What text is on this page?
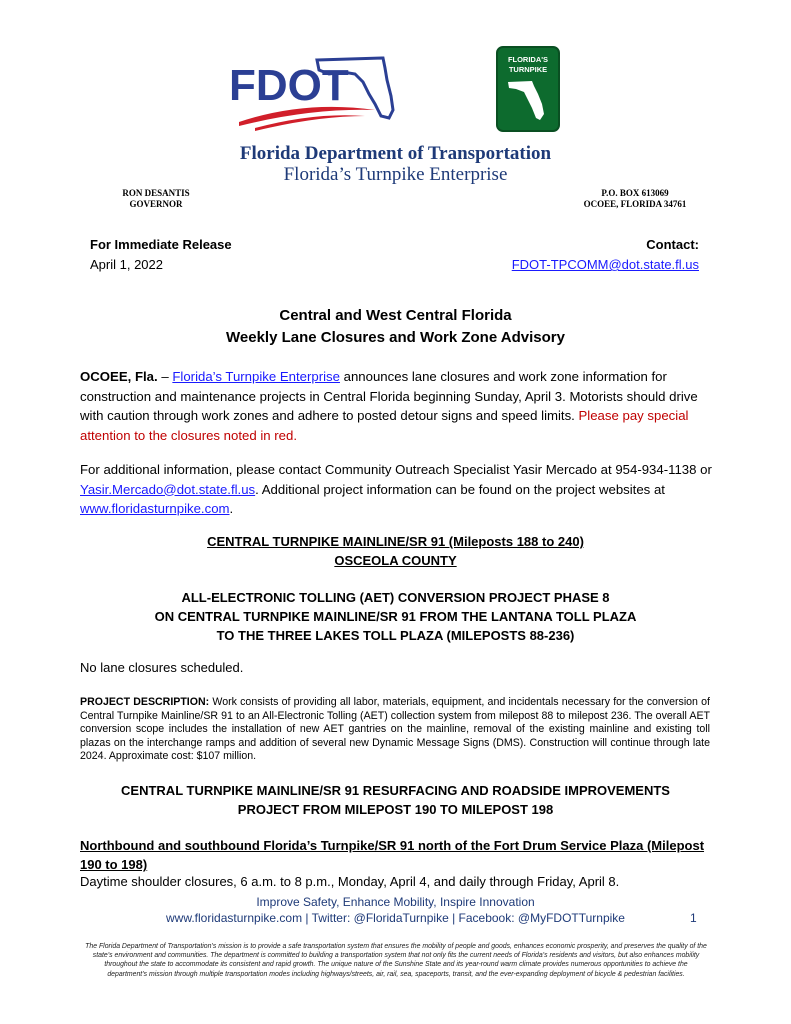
FDOT
FLORIDA'S
TURNPIKE
Florida Department of Transportation
Florida’s Turnpike Enterprise
RON DESANTIS
GOVERNOR
P.O. BOX 613069
OCOEE, FLORIDA 34761
For Immediate Release
April 1, 2022
Contact:
FDOT-TPCOMM@dot.state.fl.us
Central and West Central Florida
Weekly Lane Closures and Work Zone Advisory
OCOEE, Fla. – Florida’s Turnpike Enterprise announces lane closures and work zone information for construction and maintenance projects in Central Florida beginning Sunday, April 3. Motorists should drive with caution through work zones and adhere to posted detour signs and speed limits. Please pay special attention to the closures noted in red.
For additional information, please contact Community Outreach Specialist Yasir Mercado at 954-934-1138 or Yasir.Mercado@dot.state.fl.us. Additional project information can be found on the project websites at www.floridasturnpike.com.
CENTRAL TURNPIKE MAINLINE/SR 91 (Mileposts 188 to 240)
OSCEOLA COUNTY
ALL-ELECTRONIC TOLLING (AET) CONVERSION PROJECT PHASE 8
ON CENTRAL TURNPIKE MAINLINE/SR 91 FROM THE LANTANA TOLL PLAZA
TO THE THREE LAKES TOLL PLAZA (MILEPOSTS 88-236)
No lane closures scheduled.
PROJECT DESCRIPTION: Work consists of providing all labor, materials, equipment, and incidentals necessary for the conversion of Central Turnpike Mainline/SR 91 to an All-Electronic Tolling (AET) collection system from milepost 88 to milepost 236. The overall AET conversion scope includes the installation of new AET gantries on the mainline, removal of the existing mainline and existing toll plazas on the interchange ramps and addition of several new Dynamic Message Signs (DMS). Construction will continue through late 2024. Approximate cost: $107 million.
CENTRAL TURNPIKE MAINLINE/SR 91 RESURFACING AND ROADSIDE IMPROVEMENTS
PROJECT FROM MILEPOST 190 TO MILEPOST 198
Northbound and southbound Florida’s Turnpike/SR 91 north of the Fort Drum Service Plaza (Milepost 190 to 198)
Daytime shoulder closures, 6 a.m. to 8 p.m., Monday, April 4, and daily through Friday, April 8.
Improve Safety, Enhance Mobility, Inspire Innovation
www.floridasturnpike.com | Twitter: @FloridaTurnpike | Facebook: @MyFDOTTurnpike	1
The Florida Department of Transportation’s mission is to provide a safe transportation system that ensures the mobility of people and goods, enhances economic prosperity, and preserves the quality of the state’s environment and communities. The department is committed to building a transportation system that not only fits the current needs of Florida’s residents and visitors, but also enhances mobility throughout the state to accommodate its consistent and rapid growth. The unique nature of the Sunshine State and its year-round warm climate provides numerous opportunities to achieve the department’s mission through multiple transportation modes including highways/streets, air, rail, sea, spaceports, transit, and the ever-expanding deployment of bicycle & pedestrian facilities.
